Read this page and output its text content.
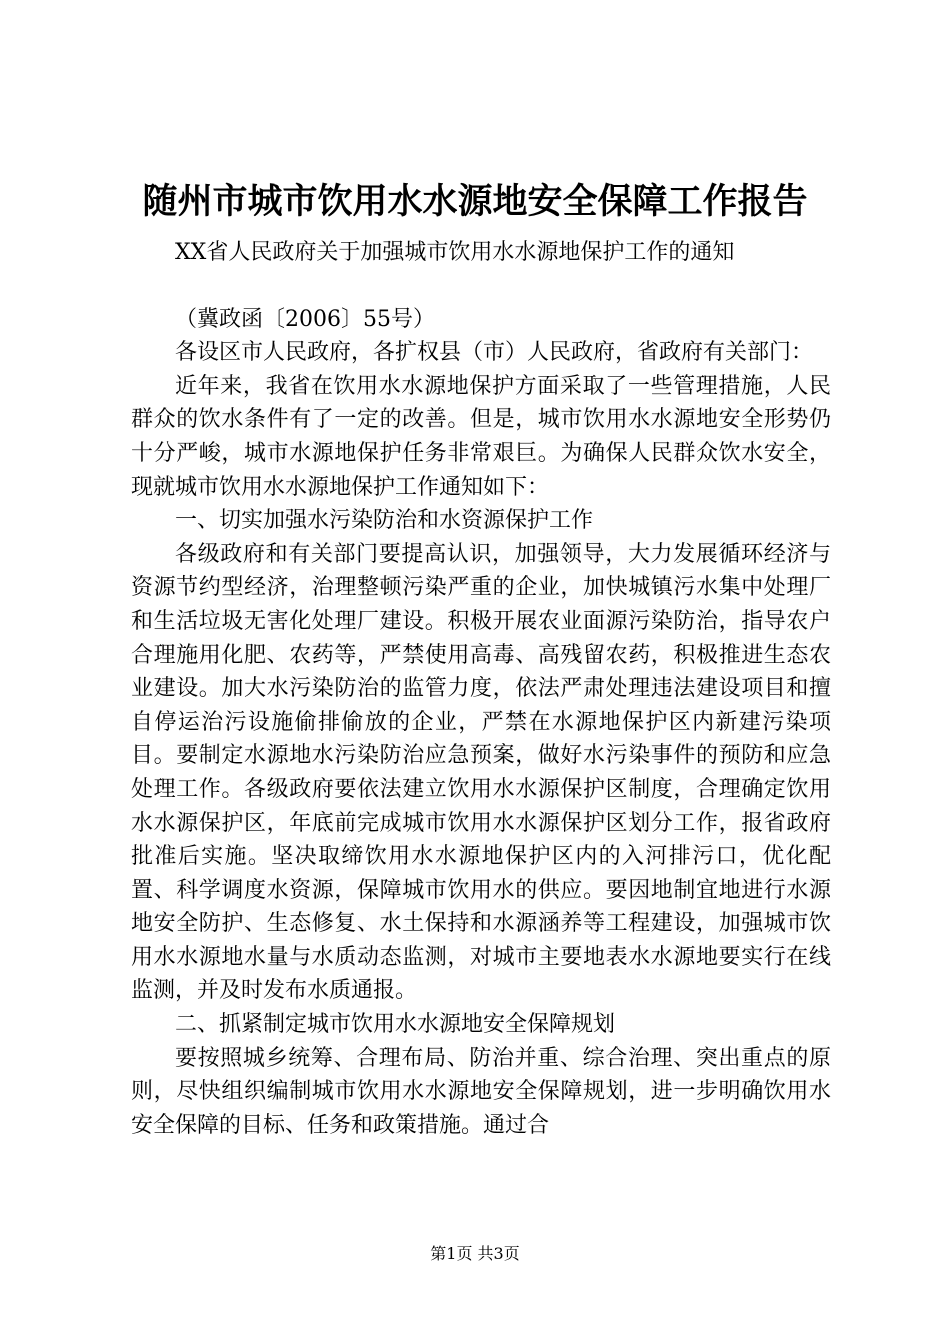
随州市城市饮用水水源地安全保障工作报告

XX省人民政府关于加强城市饮用水水源地保护工作的通知

（冀政函〔2006〕55号）

各设区市人民政府，各扩权县（市）人民政府，省政府有关部门：

近年来，我省在饮用水水源地保护方面采取了一些管理措施，人民群众的饮水条件有了一定的改善。但是，城市饮用水水源地安全形势仍十分严峻，城市水源地保护任务非常艰巨。为确保人民群众饮水安全，现就城市饮用水水源地保护工作通知如下：

一、切实加强水污染防治和水资源保护工作

各级政府和有关部门要提高认识，加强领导，大力发展循环经济与资源节约型经济，治理整顿污染严重的企业，加快城镇污水集中处理厂和生活垃圾无害化处理厂建设。积极开展农业面源污染防治，指导农户合理施用化肥、农药等，严禁使用高毒、高残留农药，积极推进生态农业建设。加大水污染防治的监管力度，依法严肃处理违法建设项目和擅自停运治污设施偷排偷放的企业，严禁在水源地保护区内新建污染项目。要制定水源地水污染防治应急预案，做好水污染事件的预防和应急处理工作。各级政府要依法建立饮用水水源保护区制度，合理确定饮用水水源保护区，年底前完成城市饮用水水源保护区划分工作，报省政府批准后实施。坚决取缔饮用水水源地保护区内的入河排污口，优化配置、科学调度水资源，保障城市饮用水的供应。要因地制宜地进行水源地安全防护、生态修复、水土保持和水源涵养等工程建设，加强城市饮用水水源地水量与水质动态监测，对城市主要地表水水源地要实行在线监测，并及时发布水质通报。

二、抓紧制定城市饮用水水源地安全保障规划

要按照城乡统筹、合理布局、防治并重、综合治理、突出重点的原则，尽快组织编制城市饮用水水源地安全保障规划，进一步明确饮用水安全保障的目标、任务和政策措施。通过合

第1页 共3页
